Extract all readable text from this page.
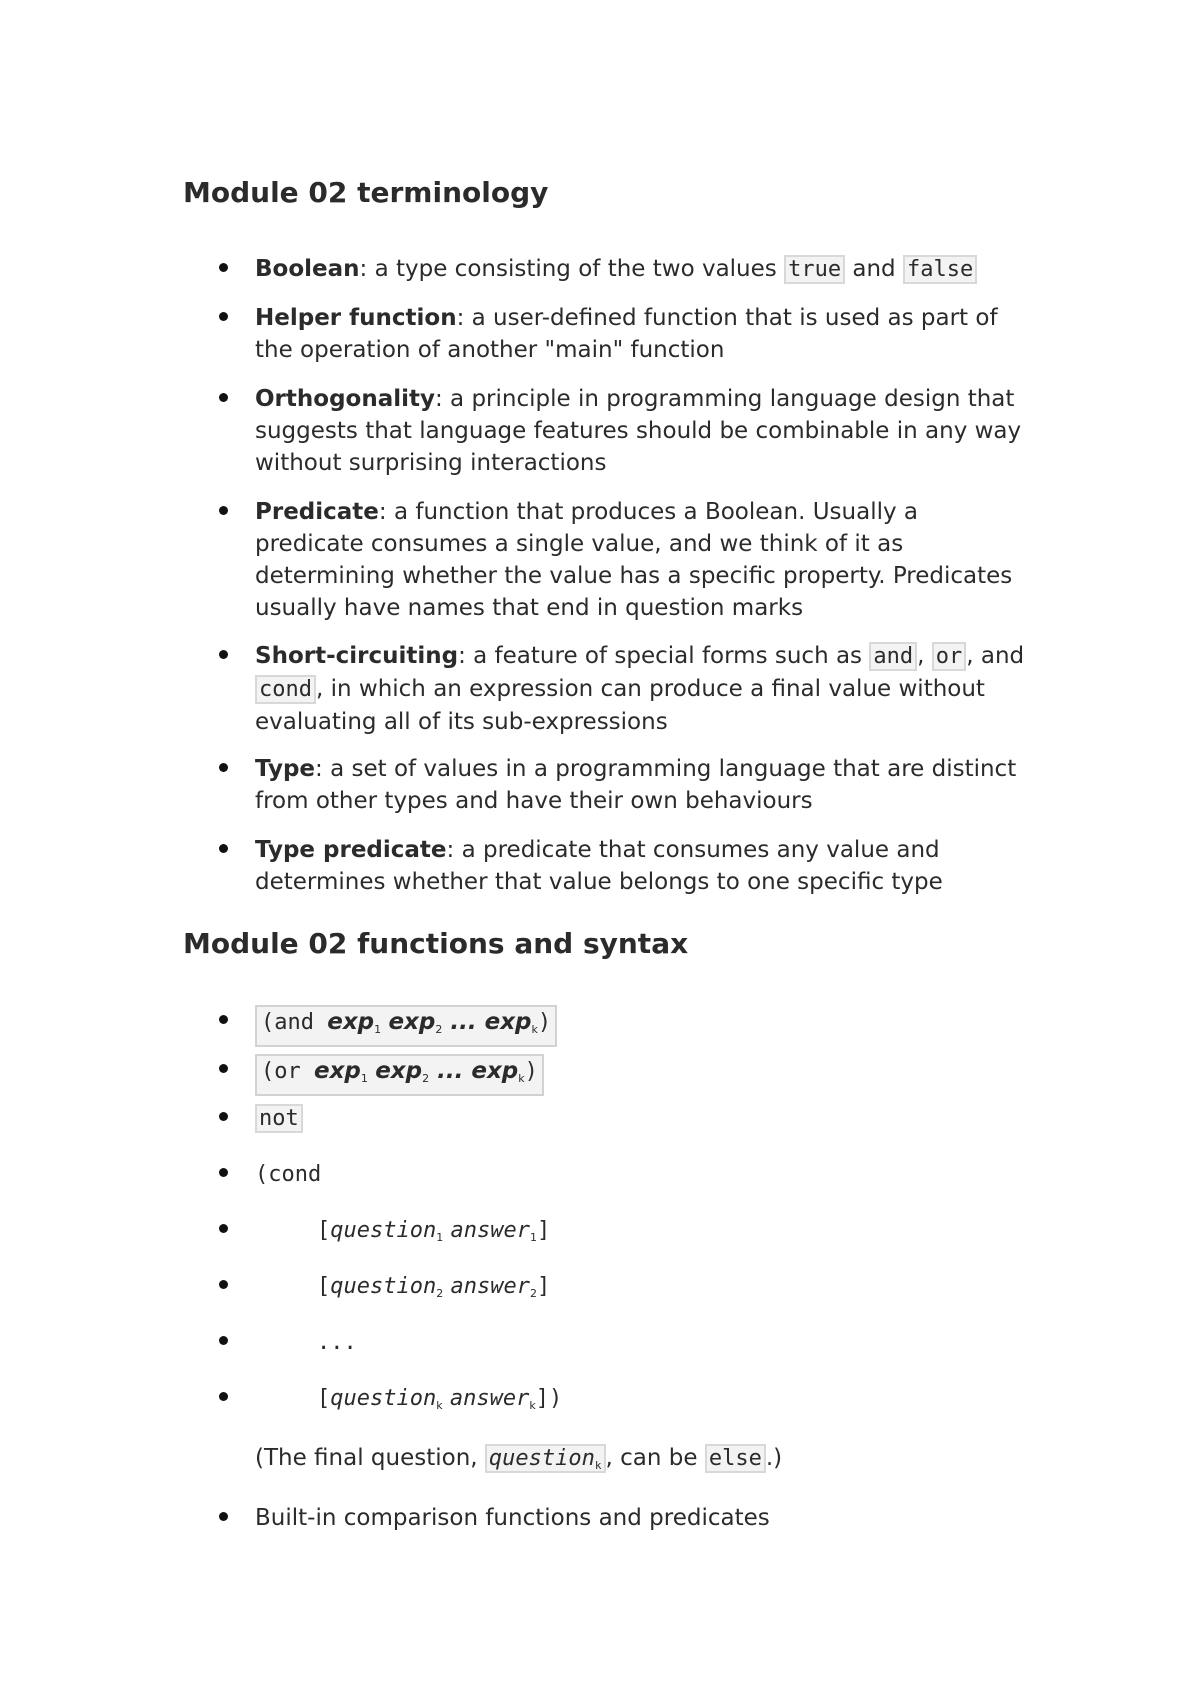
Module 02 terminology
Boolean: a type consisting of the two values true and false
Helper function: a user-defined function that is used as part of the operation of another "main" function
Orthogonality: a principle in programming language design that suggests that language features should be combinable in any way without surprising interactions
Predicate: a function that produces a Boolean. Usually a predicate consumes a single value, and we think of it as determining whether the value has a specific property. Predicates usually have names that end in question marks
Short-circuiting: a feature of special forms such as and , or , and cond , in which an expression can produce a final value without evaluating all of its sub-expressions
Type: a set of values in a programming language that are distinct from other types and have their own behaviours
Type predicate: a predicate that consumes any value and determines whether that value belongs to one specific type
Module 02 functions and syntax
(and $\exp_1 \exp_2$ ... $\exp_k$)
(or $\exp_1 \exp_2$ ... $\exp_k$)
not
(cond
[question$_1$ answer$_1$]
[question$_2$ answer$_2$]
...
[question$_k$ answer$_k$])
(The final question, question$_k$ , can be else .)
Built-in comparison functions and predicates
